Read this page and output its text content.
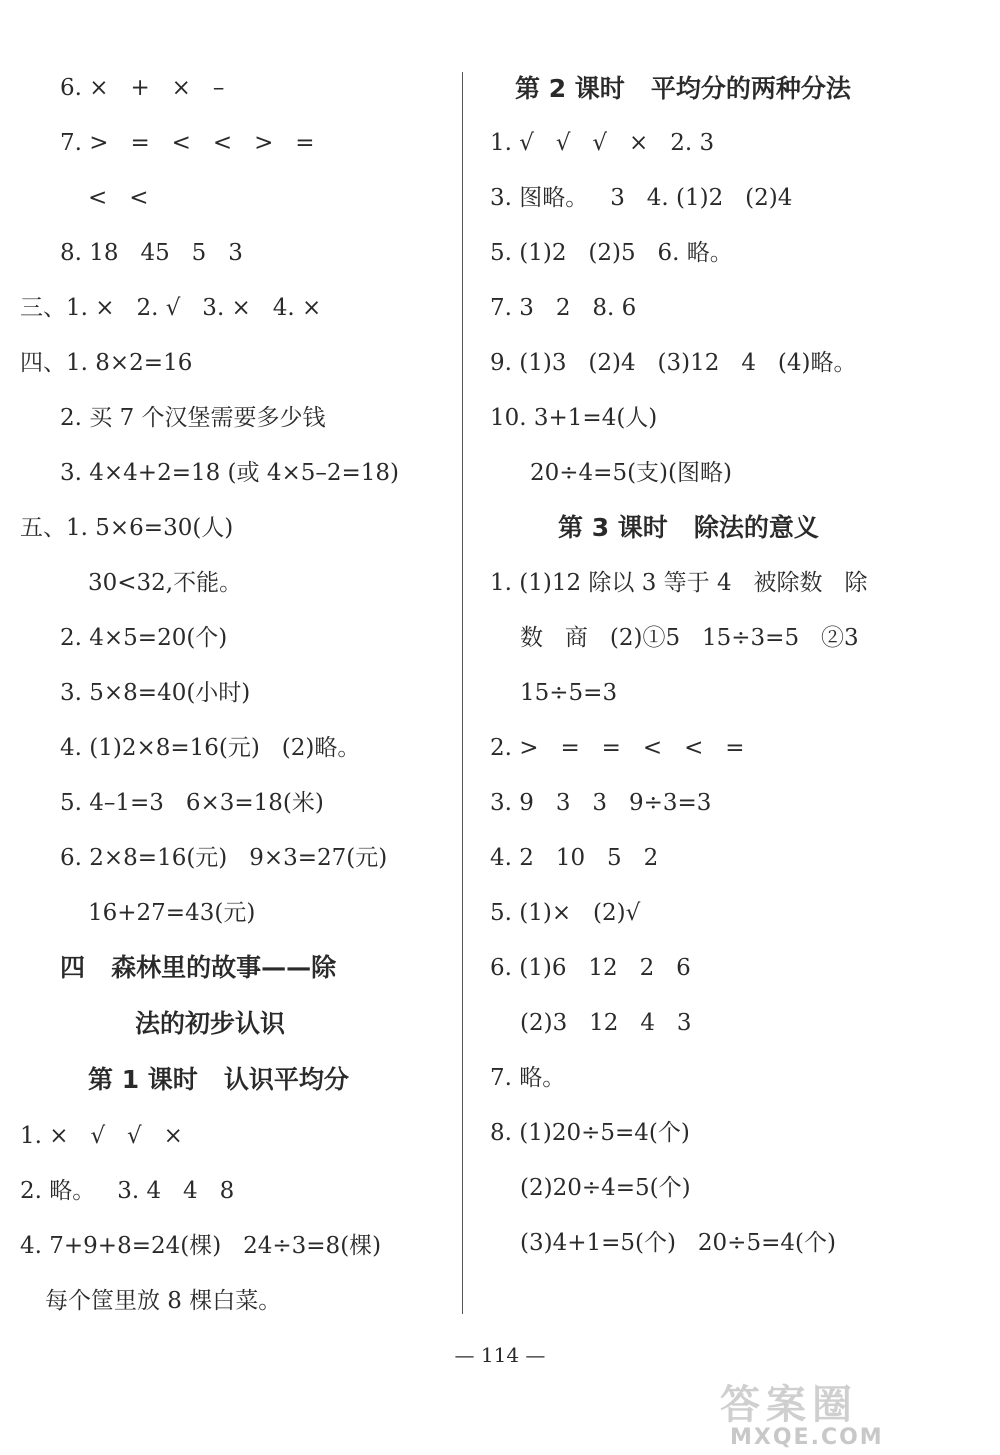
6. ×   +   ×   –
7. >   =   <   <   >   =
<   <
8. 18   45   5   3
三、1. ×   2. √   3. ×   4. ×
四、1. 8×2=16
2. 买 7 个汉堡需要多少钱
3. 4×4+2=18 (或 4×5–2=18)
五、1. 5×6=30(人)
30<32,不能。
2. 4×5=20(个)
3. 5×8=40(小时)
4. (1)2×8=16(元)   (2)略。
5. 4–1=3   6×3=18(米)
6. 2×8=16(元)   9×3=27(元)
16+27=43(元)
四   森林里的故事——除
法的初步认识
第 1 课时   认识平均分
1. ×   √   √   ×
2. 略。   3. 4   4   8
4. 7+9+8=24(棵)   24÷3=8(棵)
每个筐里放 8 棵白菜。
第 2 课时   平均分的两种分法
1. √   √   √   ×   2. 3
3. 图略。   3   4. (1)2   (2)4
5. (1)2   (2)5   6. 略。
7. 3   2   8. 6
9. (1)3   (2)4   (3)12   4   (4)略。
10. 3+1=4(人)
20÷4=5(支)(图略)
第 3 课时   除法的意义
1. (1)12 除以 3 等于 4   被除数   除
数   商   (2)①5   15÷3=5   ②3
15÷5=3
2. >   =   =   <   <   =
3. 9   3   3   9÷3=3
4. 2   10   5   2
5. (1)×   (2)√
6. (1)6   12   2   6
(2)3   12   4   3
7. 略。
8. (1)20÷5=4(个)
(2)20÷4=5(个)
(3)4+1=5(个)   20÷5=4(个)
— 114 —
答案圈
MXQE.COM
